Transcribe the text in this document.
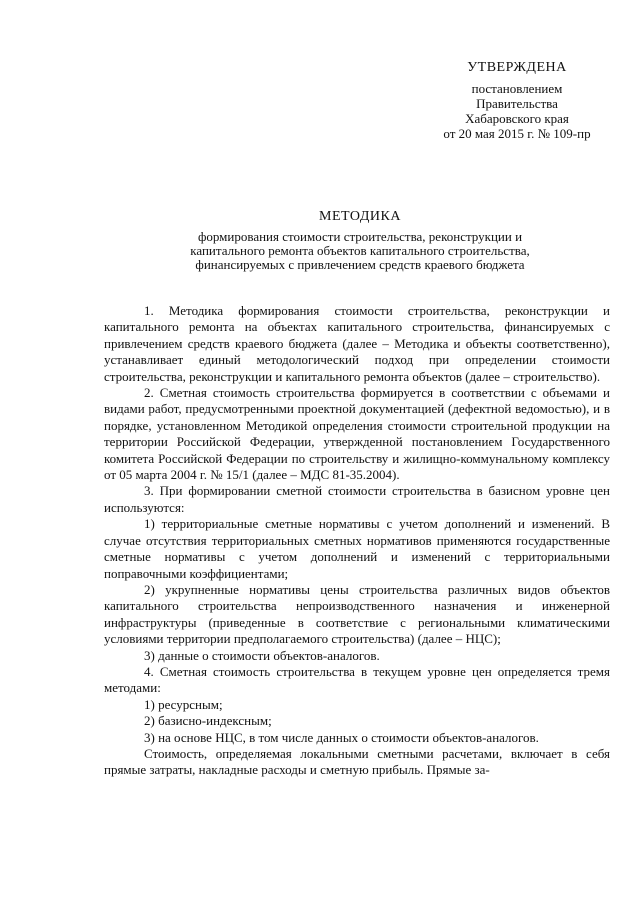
УТВЕРЖДЕНА
постановлением
Правительства
Хабаровского края
от 20 мая 2015 г. № 109-пр
МЕТОДИКА
формирования стоимости строительства, реконструкции и
капитального ремонта объектов капитального строительства,
финансируемых с привлечением средств краевого бюджета

1. Методика формирования стоимости строительства, реконструкции и капитального ремонта на объектах капитального строительства, финансируемых с привлечением средств краевого бюджета (далее – Методика и объекты соответственно), устанавливает единый методологический подход при определении стоимости строительства, реконструкции и капитального ремонта объектов (далее – строительство).

2. Сметная стоимость строительства формируется в соответствии с объемами и видами работ, предусмотренными проектной документацией (дефектной ведомостью), и в порядке, установленном Методикой определения стоимости строительной продукции на территории Российской Федерации, утвержденной постановлением Государственного комитета Российской Федерации по строительству и жилищно-коммунальному комплексу от 05 марта 2004 г. № 15/1 (далее – МДС 81-35.2004).

3. При формировании сметной стоимости строительства в базисном уровне цен используются:

1) территориальные сметные нормативы с учетом дополнений и изменений. В случае отсутствия территориальных сметных нормативов применяются государственные сметные нормативы с учетом дополнений и изменений с территориальными поправочными коэффициентами;

2) укрупненные нормативы цены строительства различных видов объектов капитального строительства непроизводственного назначения и инженерной инфраструктуры (приведенные в соответствие с региональными климатическими условиями территории предполагаемого строительства) (далее – НЦС);

3) данные о стоимости объектов-аналогов.

4. Сметная стоимость строительства в текущем уровне цен определяется тремя методами:

1) ресурсным;

2) базисно-индексным;

3) на основе НЦС, в том числе данных о стоимости объектов-аналогов.

Стоимость, определяемая локальными сметными расчетами, включает в себя прямые затраты, накладные расходы и сметную прибыль. Прямые за-
